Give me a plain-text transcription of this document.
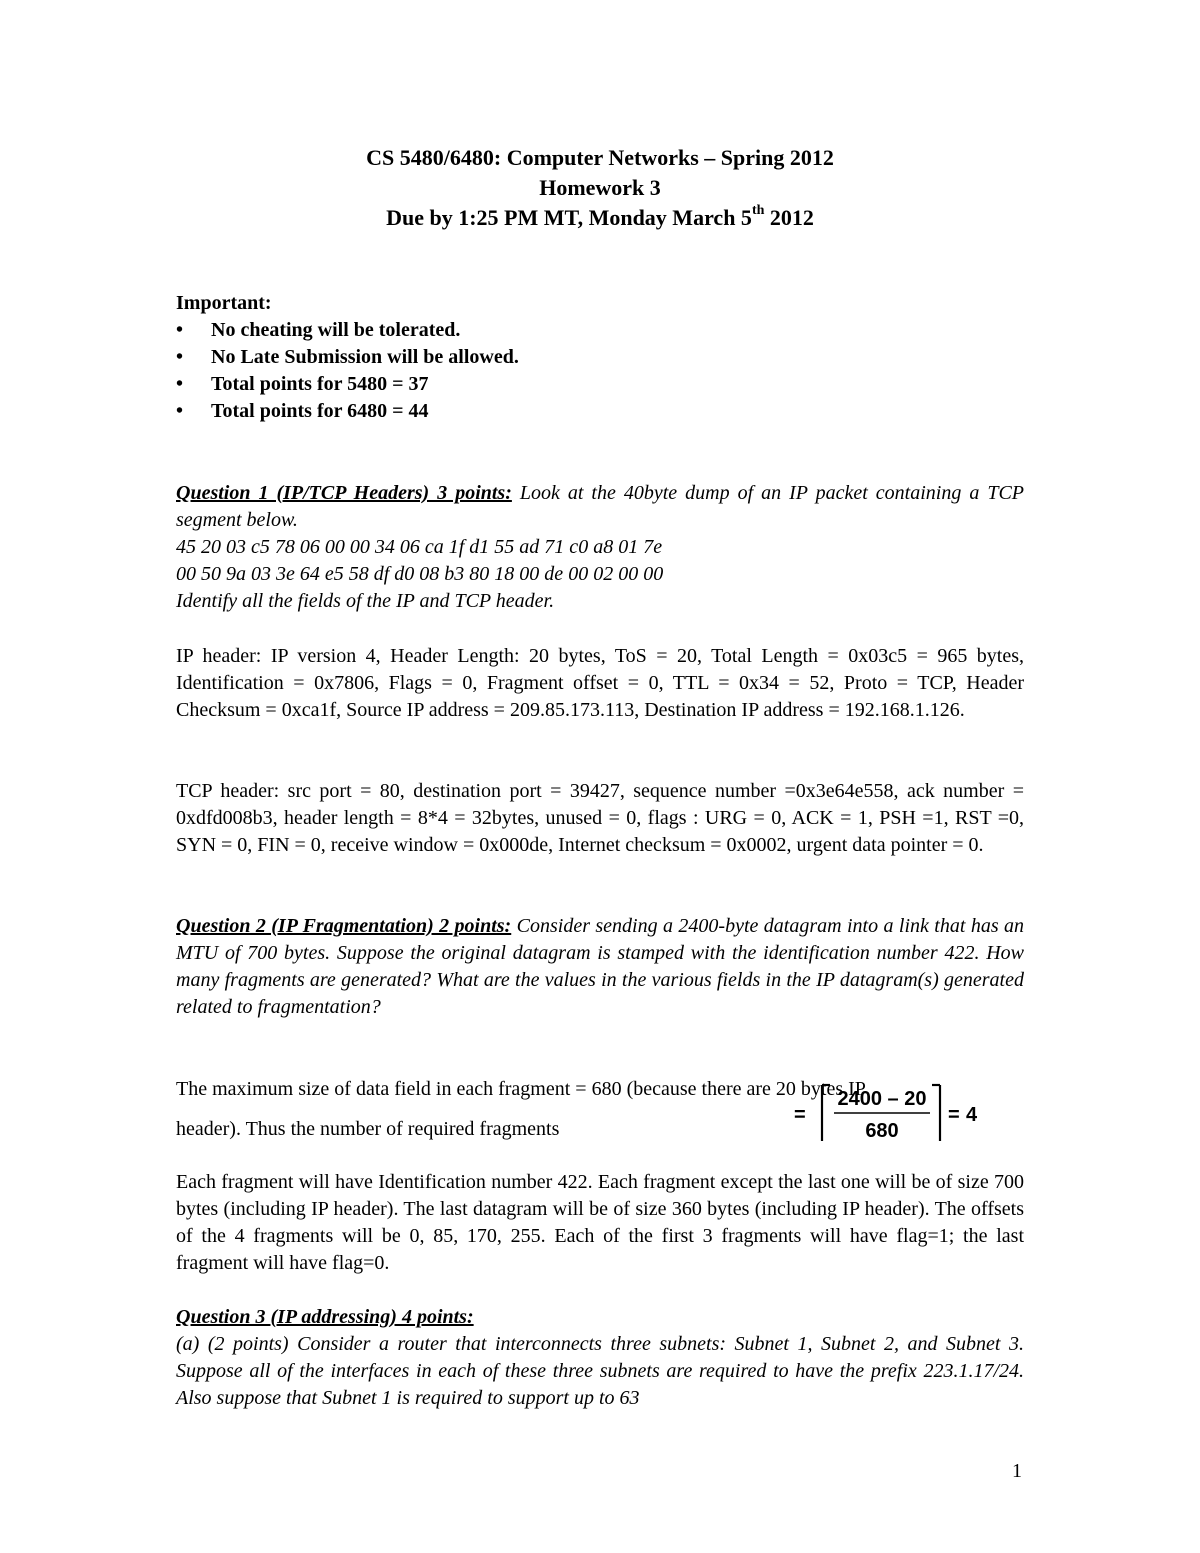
CS 5480/6480: Computer Networks – Spring 2012
Homework 3
Due by 1:25 PM MT, Monday March 5th 2012
Important:
• No cheating will be tolerated.
• No Late Submission will be allowed.
• Total points for 5480 = 37
• Total points for 6480 = 44
Question 1 (IP/TCP Headers) 3 points: Look at the 40byte dump of an IP packet containing a TCP segment below.
45 20 03 c5 78 06 00 00 34 06 ca 1f d1 55 ad 71 c0 a8 01 7e
00 50 9a 03 3e 64 e5 58 df d0 08 b3 80 18 00 de 00 02 00 00
Identify all the fields of the IP and TCP header.
IP header: IP version 4, Header Length: 20 bytes, ToS = 20, Total Length = 0x03c5 = 965 bytes, Identification = 0x7806, Flags = 0, Fragment offset = 0, TTL = 0x34 = 52, Proto = TCP, Header Checksum = 0xca1f, Source IP address = 209.85.173.113, Destination IP address = 192.168.1.126.
TCP header: src port = 80, destination port = 39427, sequence number =0x3e64e558, ack number = 0xdfd008b3, header length = 8*4 = 32bytes, unused = 0, flags : URG = 0, ACK = 1, PSH =1, RST =0, SYN = 0, FIN = 0, receive window = 0x000de, Internet checksum = 0x0002, urgent data pointer = 0.
Question 2 (IP Fragmentation) 2 points: Consider sending a 2400-byte datagram into a link that has an MTU of 700 bytes. Suppose the original datagram is stamped with the identification number 422. How many fragments are generated? What are the values in the various fields in the IP datagram(s) generated related to fragmentation?
The maximum size of data field in each fragment = 680 (because there are 20 bytes IP
header). Thus the number of required fragments
=
2400 – 20
680
= 4
Each fragment will have Identification number 422. Each fragment except the last one will be of size 700 bytes (including IP header). The last datagram will be of size 360 bytes (including IP header). The offsets of the 4 fragments will be 0, 85, 170, 255. Each of the first 3 fragments will have flag=1; the last fragment will have flag=0.
Question 3 (IP addressing) 4 points:
(a) (2 points) Consider a router that interconnects three subnets: Subnet 1, Subnet 2, and Subnet 3. Suppose all of the interfaces in each of these three subnets are required to have the prefix 223.1.17/24. Also suppose that Subnet 1 is required to support up to 63
1
